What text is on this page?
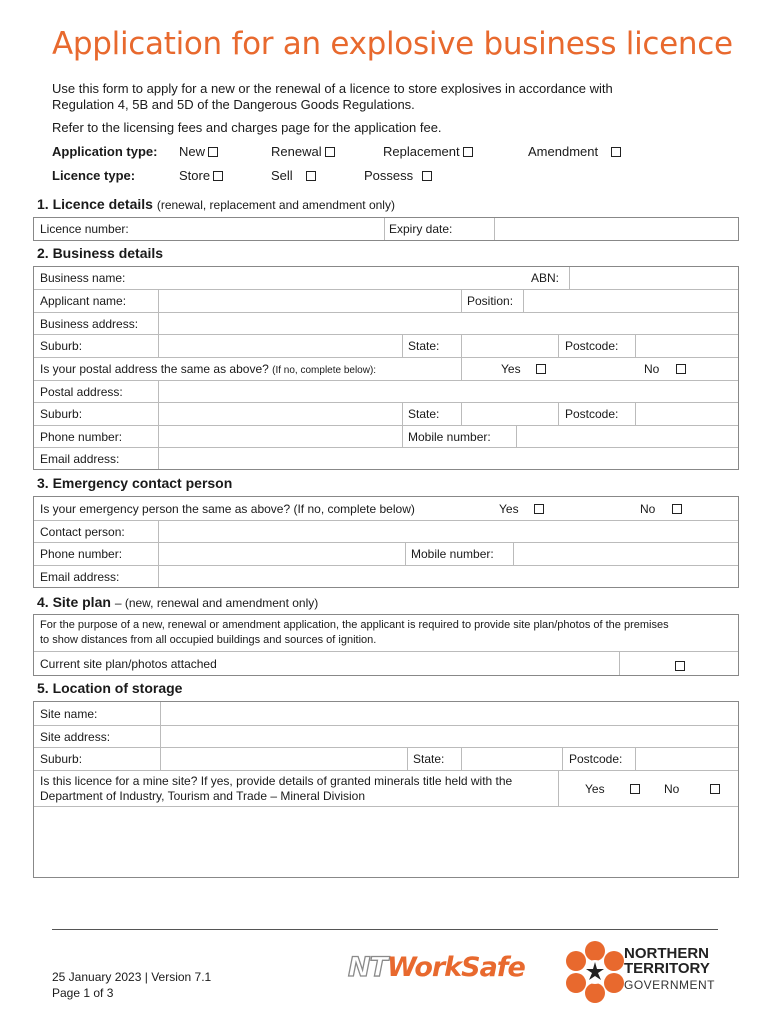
Application for an explosive business licence
Use this form to apply for a new or the renewal of a licence to store explosives in accordance with
Regulation 4, 5B and 5D of the Dangerous Goods Regulations.
Refer to the licensing fees and charges page for the application fee.
Application type: New	Renewal	Replacement	Amendment
Licence type:	Store	Sell	Possess
1. Licence details (renewal, replacement and amendment only)
Licence number:	Expiry date:
2. Business details
Business name:	ABN:
Applicant name:	Position:
Business address:
Suburb:	State:	Postcode:
Is your postal address the same as above? (If no, complete below):	Yes	No
Postal address:
Suburb:	State:	Postcode:
Phone number:	Mobile number:
Email address:
3. Emergency contact person
Is your emergency person the same as above? (If no, complete below)	Yes	No
Contact person:
Phone number:	Mobile number:
Email address:
4. Site plan – (new, renewal and amendment only)
For the purpose of a new, renewal or amendment application, the applicant is required to provide site plan/photos of the premises
to show distances from all occupied buildings and sources of ignition.
Current site plan/photos attached
5. Location of storage
Site name:
Site address:
Suburb:	State:	Postcode:
Is this licence for a mine site? If yes, provide details of granted minerals title held with the
Department of Industry, Tourism and Trade – Mineral Division	Yes	No
25 January 2023 | Version 7.1
Page 1 of 3
NTWorkSafe	NORTHERN
TERRITORY
GOVERNMENT
